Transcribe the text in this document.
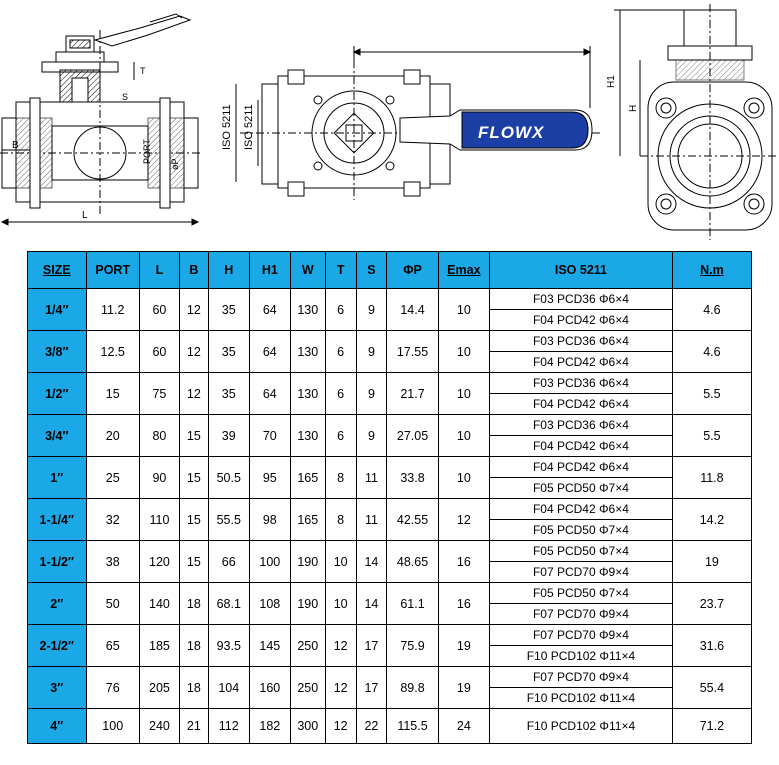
L
B
T
S
PORT
øP
FLOWX
ISO 5211 ISO 5211
H1
H
SIZE	PORT	L	B	H	H1	W	T	S	ΦP	Emax	ISO 5211	N.m
1/4″	11.2	60	12	35	64	130	6	9	14.4	10	F03 PCD36 Φ6×4	4.6
											F04 PCD42 Φ6×4	
3/8″	12.5	60	12	35	64	130	6	9	17.55	10	F03 PCD36 Φ6×4	4.6
											F04 PCD42 Φ6×4	
1/2″	15	75	12	35	64	130	6	9	21.7	10	F03 PCD36 Φ6×4	5.5
											F04 PCD42 Φ6×4	
3/4″	20	80	15	39	70	130	6	9	27.05	10	F03 PCD36 Φ6×4	5.5
											F04 PCD42 Φ6×4	
1″	25	90	15	50.5	95	165	8	11	33.8	10	F04 PCD42 Φ6×4	11.8
											F05 PCD50 Φ7×4	
1-1/4″	32	110	15	55.5	98	165	8	11	42.55	12	F04 PCD42 Φ6×4	14.2
											F05 PCD50 Φ7×4	
1-1/2″	38	120	15	66	100	190	10	14	48.65	16	F05 PCD50 Φ7×4	19
											F07 PCD70 Φ9×4	
2″	50	140	18	68.1	108	190	10	14	61.1	16	F05 PCD50 Φ7×4	23.7
											F07 PCD70 Φ9×4	
2-1/2″	65	185	18	93.5	145	250	12	17	75.9	19	F07 PCD70 Φ9×4	31.6
											F10 PCD102 Φ11×4	
3″	76	205	18	104	160	250	12	17	89.8	19	F07 PCD70 Φ9×4	55.4
											F10 PCD102 Φ11×4	
4″	100	240	21	112	182	300	12	22	115.5	24	F10 PCD102 Φ11×4	71.2
